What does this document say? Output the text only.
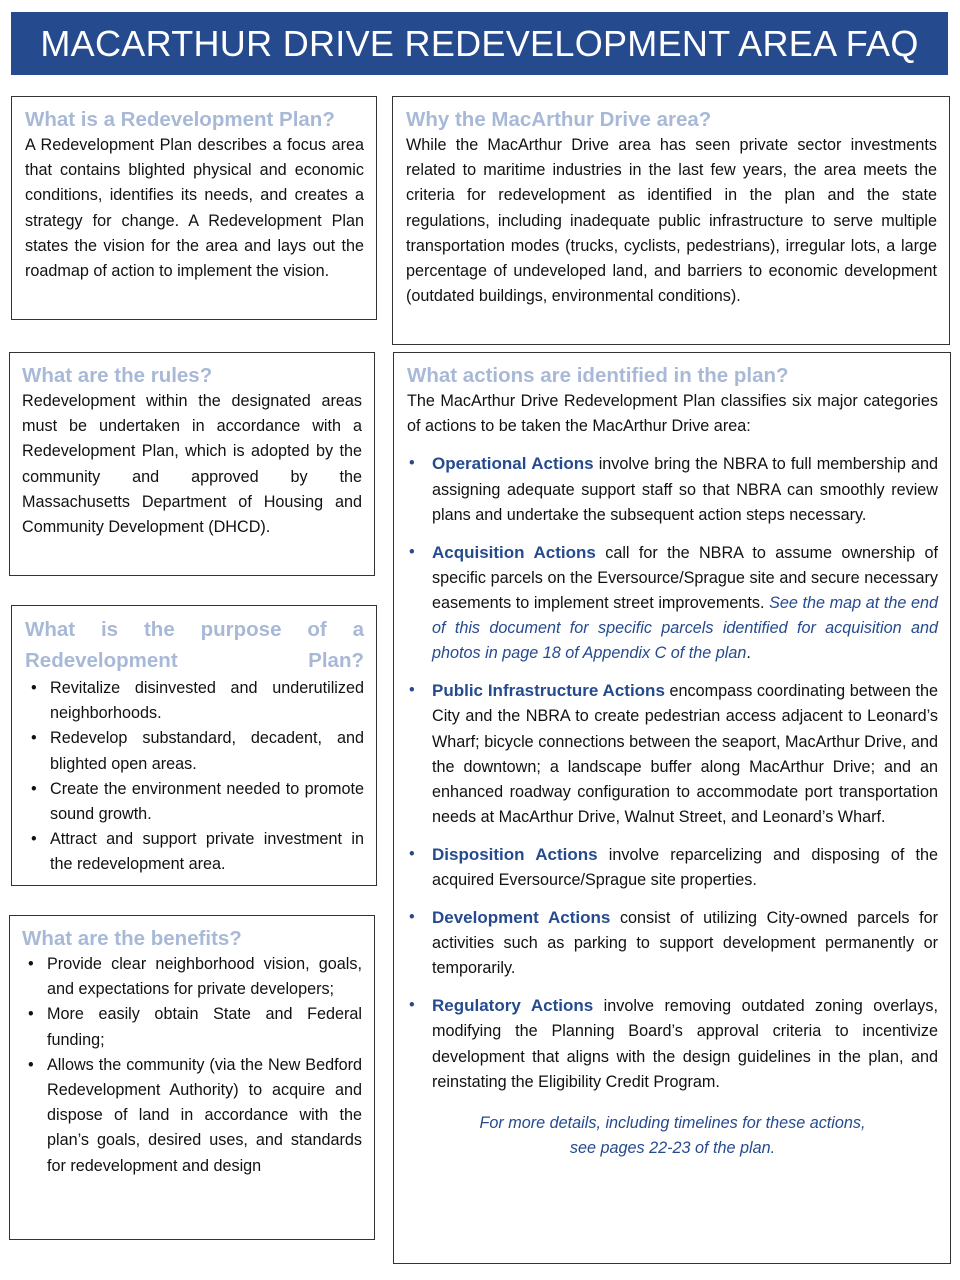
MACARTHUR DRIVE REDEVELOPMENT AREA FAQ
What is a Redevelopment Plan?

A Redevelopment Plan describes a focus area that contains blighted physical and economic conditions, identifies its needs, and creates a strategy for change. A Redevelopment Plan states the vision for the area and lays out the roadmap of action to implement the vision.

Why the MacArthur Drive area?

While the MacArthur Drive area has seen private sector investments related to maritime industries in the last few years, the area meets the criteria for redevelopment as identified in the plan and the state regulations, including inadequate public infrastructure to serve multiple transportation modes (trucks, cyclists, pedestrians), irregular lots, a large percentage of undeveloped land, and barriers to economic development (outdated buildings, environmental conditions).

What are the rules?

Redevelopment within the designated areas must be undertaken in accordance with a Redevelopment Plan, which is adopted by the community and approved by the Massachusetts Department of Housing and Community Development (DHCD).

What is the purpose of a Redevelopment Plan?
• Revitalize disinvested and underutilized neighborhoods.
• Redevelop substandard, decadent, and blighted open areas.
• Create the environment needed to promote sound growth.
• Attract and support private investment in the redevelopment area.
What are the benefits?
• Provide clear neighborhood vision, goals, and expectations for private developers;
• More easily obtain State and Federal funding;
• Allows the community (via the New Bedford Redevelopment Authority) to acquire and dispose of land in accordance with the plan’s goals, desired uses, and standards for redevelopment and design
What actions are identified in the plan?

The MacArthur Drive Redevelopment Plan classifies six major categories of actions to be taken the MacArthur Drive area:

• Operational Actions involve bring the NBRA to full membership and assigning adequate support staff so that NBRA can smoothly review plans and undertake the subsequent action steps necessary.
• Acquisition Actions call for the NBRA to assume ownership of specific parcels on the Eversource/Sprague site and secure necessary easements to implement street improvements. See the map at the end of this document for specific parcels identified for acquisition and photos in page 18 of Appendix C of the plan.
• Public Infrastructure Actions encompass coordinating between the City and the NBRA to create pedestrian access adjacent to Leonard’s Wharf; bicycle connections between the seaport, MacArthur Drive, and the downtown; a landscape buffer along MacArthur Drive; and an enhanced roadway configuration to accommodate port transportation needs at MacArthur Drive, Walnut Street, and Leonard’s Wharf.
• Disposition Actions involve reparcelizing and disposing of the acquired Eversource/Sprague site properties.
• Development Actions consist of utilizing City-owned parcels for activities such as parking to support development permanently or temporarily.
• Regulatory Actions involve removing outdated zoning overlays, modifying the Planning Board’s approval criteria to incentivize development that aligns with the design guidelines in the plan, and reinstating the Eligibility Credit Program.
For more details, including timelines for these actions,
see pages 22-23 of the plan.
